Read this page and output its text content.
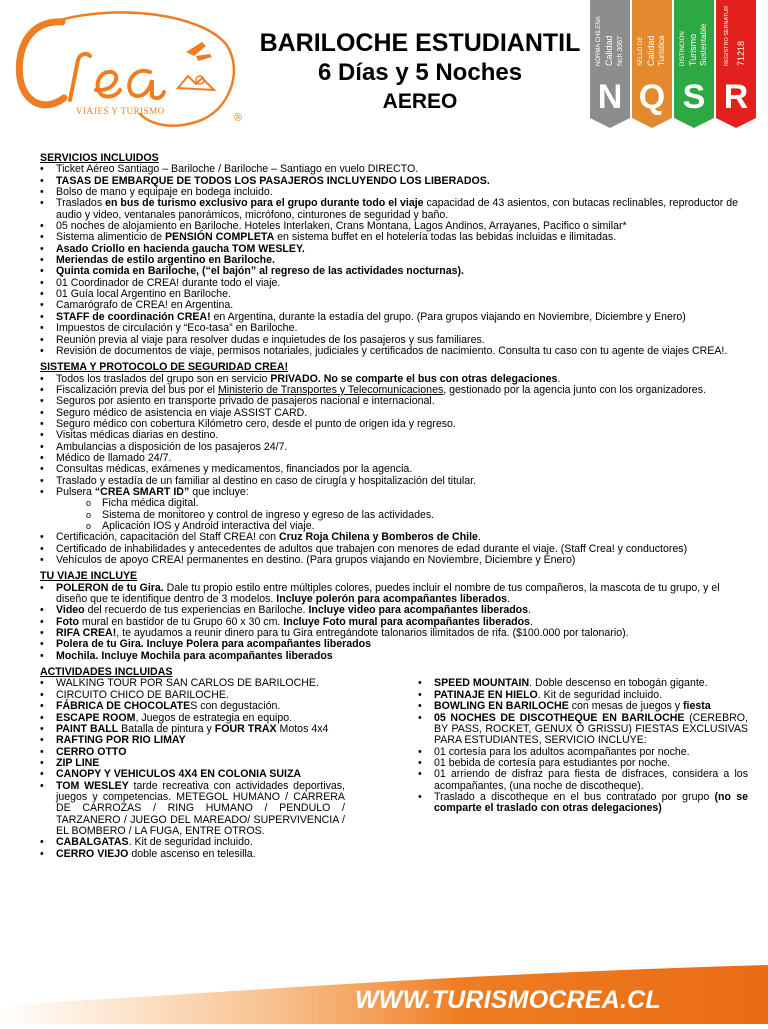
VIAJES Y TURISMO
®
BARILOCHE ESTUDIANTIL
6 Días y 5 Noches
AEREO	N
NORMA CHILENA Calidad Nch 3067
Q
SELLO DE Calidad Turística
S
DISTINCIÓN Turismo Sustentable
R
REGISTRO SERNATUR 71218
SERVICIOS INCLUIDOS
• Ticket Aéreo Santiago – Bariloche / Bariloche – Santiago en vuelo DIRECTO.
• TASAS DE EMBARQUE DE TODOS LOS PASAJEROS INCLUYENDO LOS LIBERADOS.
• Bolso de mano y equipaje en bodega incluido.
• Traslados en bus de turismo exclusivo para el grupo durante todo el viaje capacidad de 43 asientos, con butacas reclinables, reproductor de audio y video, ventanales panorámicos, micrófono, cinturones de seguridad y baño.
• 05 noches de alojamiento en Bariloche. Hoteles Interlaken, Crans Montana, Lagos Andinos, Arrayanes, Pacifico o similar*
• Sistema alimenticio de PENSIÓN COMPLETA en sistema buffet en el hotelería todas las bebidas incluidas e ilimitadas.
• Asado Criollo en hacienda gaucha TOM WESLEY.
• Meriendas de estilo argentino en Bariloche.
• Quinta comida en Bariloche, (“el bajón” al regreso de las actividades nocturnas).
• 01 Coordinador de CREA! durante todo el viaje.
• 01 Guía local Argentino en Bariloche.
• Camarógrafo de CREA! en Argentina.
• STAFF de coordinación CREA! en Argentina, durante la estadía del grupo. (Para grupos viajando en Noviembre, Diciembre y Enero)
• Impuestos de circulación y “Eco-tasa” en Bariloche.
• Reunión previa al viaje para resolver dudas e inquietudes de los pasajeros y sus familiares.
• Revisión de documentos de viaje, permisos notariales, judiciales y certificados de nacimiento. Consulta tu caso con tu agente de viajes CREA!.
SISTEMA Y PROTOCOLO DE SEGURIDAD CREA!
• Todos los traslados del grupo son en servicio PRIVADO. No se comparte el bus con otras delegaciones.
• Fiscalización previa del bus por el Ministerio de Transportes y Telecomunicaciones, gestionado por la agencia junto con los organizadores.
• Seguros por asiento en transporte privado de pasajeros nacional e internacional.
• Seguro médico de asistencia en viaje ASSIST CARD.
• Seguro médico con cobertura Kilómetro cero, desde el punto de origen ida y regreso.
• Visitas médicas diarias en destino.
• Ambulancias a disposición de los pasajeros 24/7.
• Médico de llamado 24/7.
• Consultas médicas, exámenes y medicamentos, financiados por la agencia.
• Traslado y estadía de un familiar al destino en caso de cirugía y hospitalización del titular.
• Pulsera “CREA SMART ID” que incluye:
o Ficha médica digital.
o Sistema de monitoreo y control de ingreso y egreso de las actividades.
o Aplicación IOS y Android interactiva del viaje.
• Certificación, capacitación del Staff CREA! con Cruz Roja Chilena y Bomberos de Chile.
• Certificado de inhabilidades y antecedentes de adultos que trabajen con menores de edad durante el viaje. (Staff Crea! y conductores)
• Vehículos de apoyo CREA! permanentes en destino. (Para grupos viajando en Noviembre, Diciembre y Enero)
TU VIAJE INCLUYE
• POLERON de tu Gira. Dale tu propio estilo entre múltiples colores, puedes incluir el nombre de tus compañeros, la mascota de tu grupo, y el diseño que te identifique dentro de 3 modelos. Incluye polerón para acompañantes liberados.
• Video del recuerdo de tus experiencias en Bariloche. Incluye video para acompañantes liberados.
• Foto mural en bastidor de tu Grupo 60 x 30 cm. Incluye Foto mural para acompañantes liberados.
• RIFA CREA!, te ayudamos a reunir dinero para tu Gira entregándote talonarios ilimitados de rifa. ($100.000 por talonario).
• Polera de tu Gira. Incluye Polera para acompañantes liberados
• Mochila. Incluye Mochila para acompañantes liberados
ACTIVIDADES INCLUIDAS
• WALKING TOUR POR SAN CARLOS DE BARILOCHE.
• CIRCUITO CHICO DE BARILOCHE.
• FÁBRICA DE CHOCOLATES con degustación.
• ESCAPE ROOM, Juegos de estrategia en equipo.
• PAINT BALL Batalla de pintura y FOUR TRAX Motos 4x4
• RAFTING POR RIO LIMAY
• CERRO OTTO
• ZIP LINE
• CANOPY Y VEHICULOS 4X4 EN COLONIA SUIZA
• TOM WESLEY tarde recreativa con actividades deportivas, juegos y competencias. METEGOL HUMANO / CARRERA DE CARROZAS / RING HUMANO / PENDULO / TARZANERO / JUEGO DEL MAREADO/ SUPERVIVENCIA / EL BOMBERO / LA FUGA, ENTRE OTROS.
• CABALGATAS. Kit de seguridad incluido.
• CERRO VIEJO doble ascenso en telesilla.
• SPEED MOUNTAIN. Doble descenso en tobogán gigante.
• PATINAJE EN HIELO. Kit de seguridad incluido.
• BOWLING EN BARILOCHE con mesas de juegos y fiesta
• 05 NOCHES DE DISCOTHEQUE EN BARILOCHE (CEREBRO, BY PASS, ROCKET, GENUX O GRISSU) FIESTAS EXCLUSIVAS PARA ESTUDIANTES, SERVICIO INCLUYE:
• 01 cortesía para los adultos acompañantes por noche.
• 01 bebida de cortesía para estudiantes por noche.
• 01 arriendo de disfraz para fiesta de disfraces, considera a los acompañantes, (una noche de discotheque).
• Traslado a discotheque en el bus contratado por grupo (no se comparte el traslado con otras delegaciones)
WWW.TURISMOCREA.CL
